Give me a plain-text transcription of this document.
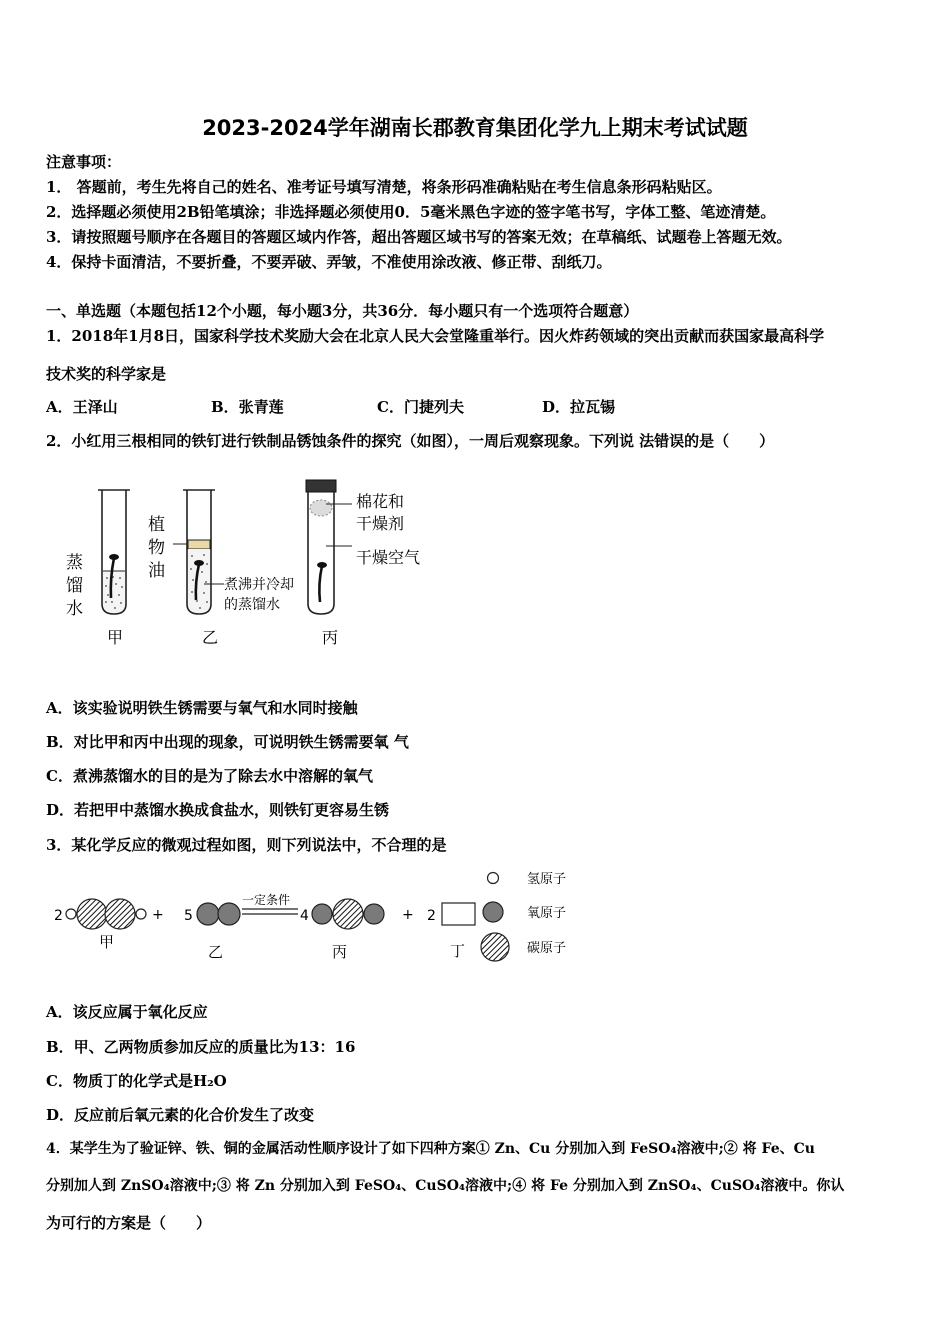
2023-2024学年湖南长郡教育集团化学九上期末考试试题
注意事项：
1． 答题前，考生先将自己的姓名、准考证号填写清楚，将条形码准确粘贴在考生信息条形码粘贴区。
2．选择题必须使用2B铅笔填涂；非选择题必须使用0．5毫米黑色字迹的签字笔书写，字体工整、笔迹清楚。
3．请按照题号顺序在各题目的答题区域内作答，超出答题区域书写的答案无效；在草稿纸、试题卷上答题无效。
4．保持卡面清洁，不要折叠，不要弄破、弄皱，不准使用涂改液、修正带、刮纸刀。
一、单选题（本题包括12个小题，每小题3分，共36分．每小题只有一个选项符合题意）
1．2018年1月8日，国家科学技术奖励大会在北京人民大会堂隆重举行。因火炸药领域的突出贡献而获国家最高科学
技术奖的科学家是
A．王泽山	B．张青莲	C．门捷列夫	D．拉瓦锡
2．小红用三根相同的铁钉进行铁制品锈蚀条件的探究（如图），一周后观察现象。下列说 法错误的是（　　）
蒸
馏
水
甲
植
物
油
煮沸并冷却
的蒸馏水
乙
棉花和
干燥剂
干燥空气
丙
A．该实验说明铁生锈需要与氧气和水同时接触
B．对比甲和丙中出现的现象，可说明铁生锈需要氧 气
C．煮沸蒸馏水的目的是为了除去水中溶解的氧气
D．若把甲中蒸馏水换成食盐水，则铁钉更容易生锈
3．某化学反应的微观过程如图，则下列说法中，不合理的是
2	+
甲
5
乙
一定条件
4
丙
+ 2
丁
氢原子
氧原子
碳原子
A．该反应属于氧化反应
B．甲、乙两物质参加反应的质量比为13：16
C．物质丁的化学式是H₂O
D．反应前后氧元素的化合价发生了改变
4．某学生为了验证锌、铁、铜的金属活动性顺序设计了如下四种方案① Zn、Cu 分别加入到 FeSO₄溶液中;② 将 Fe、Cu
分别加人到 ZnSO₄溶液中;③ 将 Zn 分别加入到 FeSO₄、CuSO₄溶液中;④ 将 Fe 分别加入到 ZnSO₄、CuSO₄溶液中。你认
为可行的方案是（　　）
